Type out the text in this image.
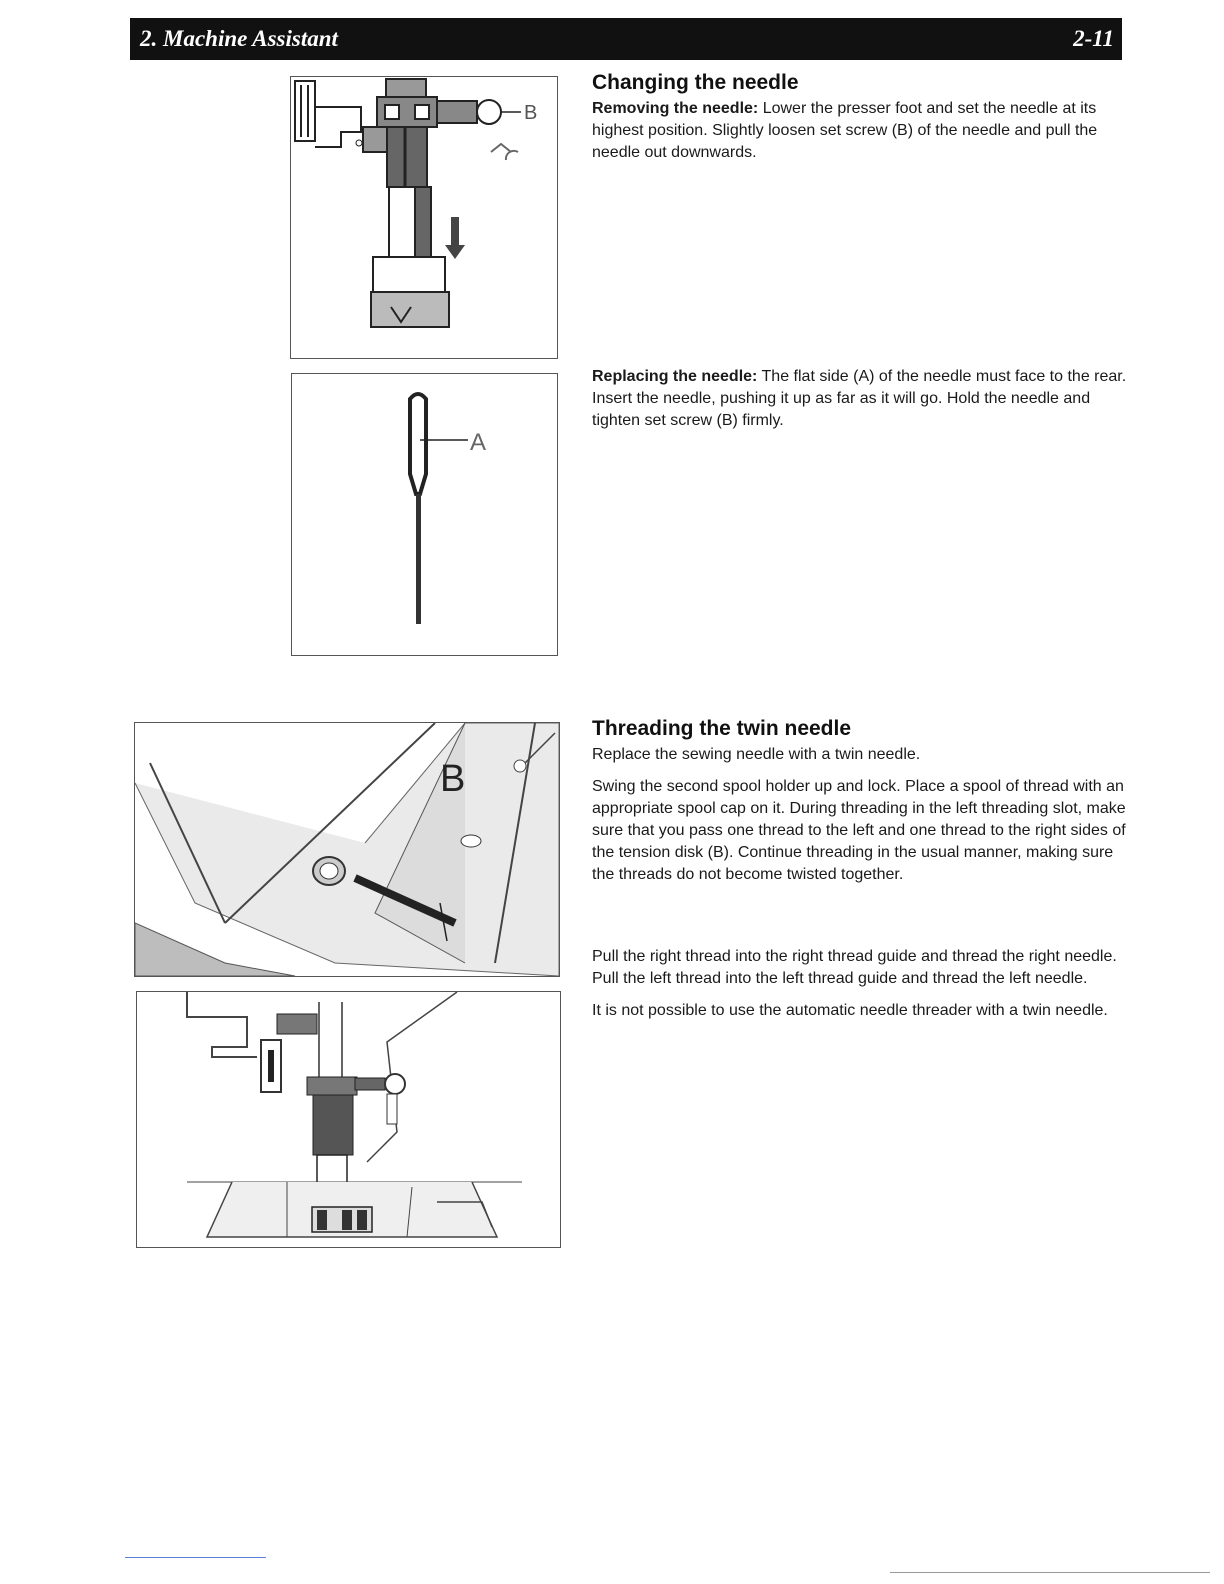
2. Machine Assistant	2-11
B
A
B
Changing the needle

Removing the needle: Lower the presser foot and set the needle at its highest position. Slightly loosen set screw (B) of the needle and pull the needle out downwards.

Replacing the needle: The flat side (A) of the needle must face to the rear. Insert the needle, pushing it up as far as it will go. Hold the needle and tighten set screw (B) firmly.

Threading the twin needle

Replace the sewing needle with a twin needle.

Swing the second spool holder up and lock. Place a spool of thread with an appropriate spool cap on it. During threading in the left threading slot, make sure that you pass one thread to the left and one thread to the right sides of the tension disk (B). Continue threading in the usual manner, making sure the threads do not become twisted together.

Pull the right thread into the right thread guide and thread the right needle. Pull the left thread into the left thread guide and thread the left needle.

It is not possible to use the automatic needle threader with a twin needle.
